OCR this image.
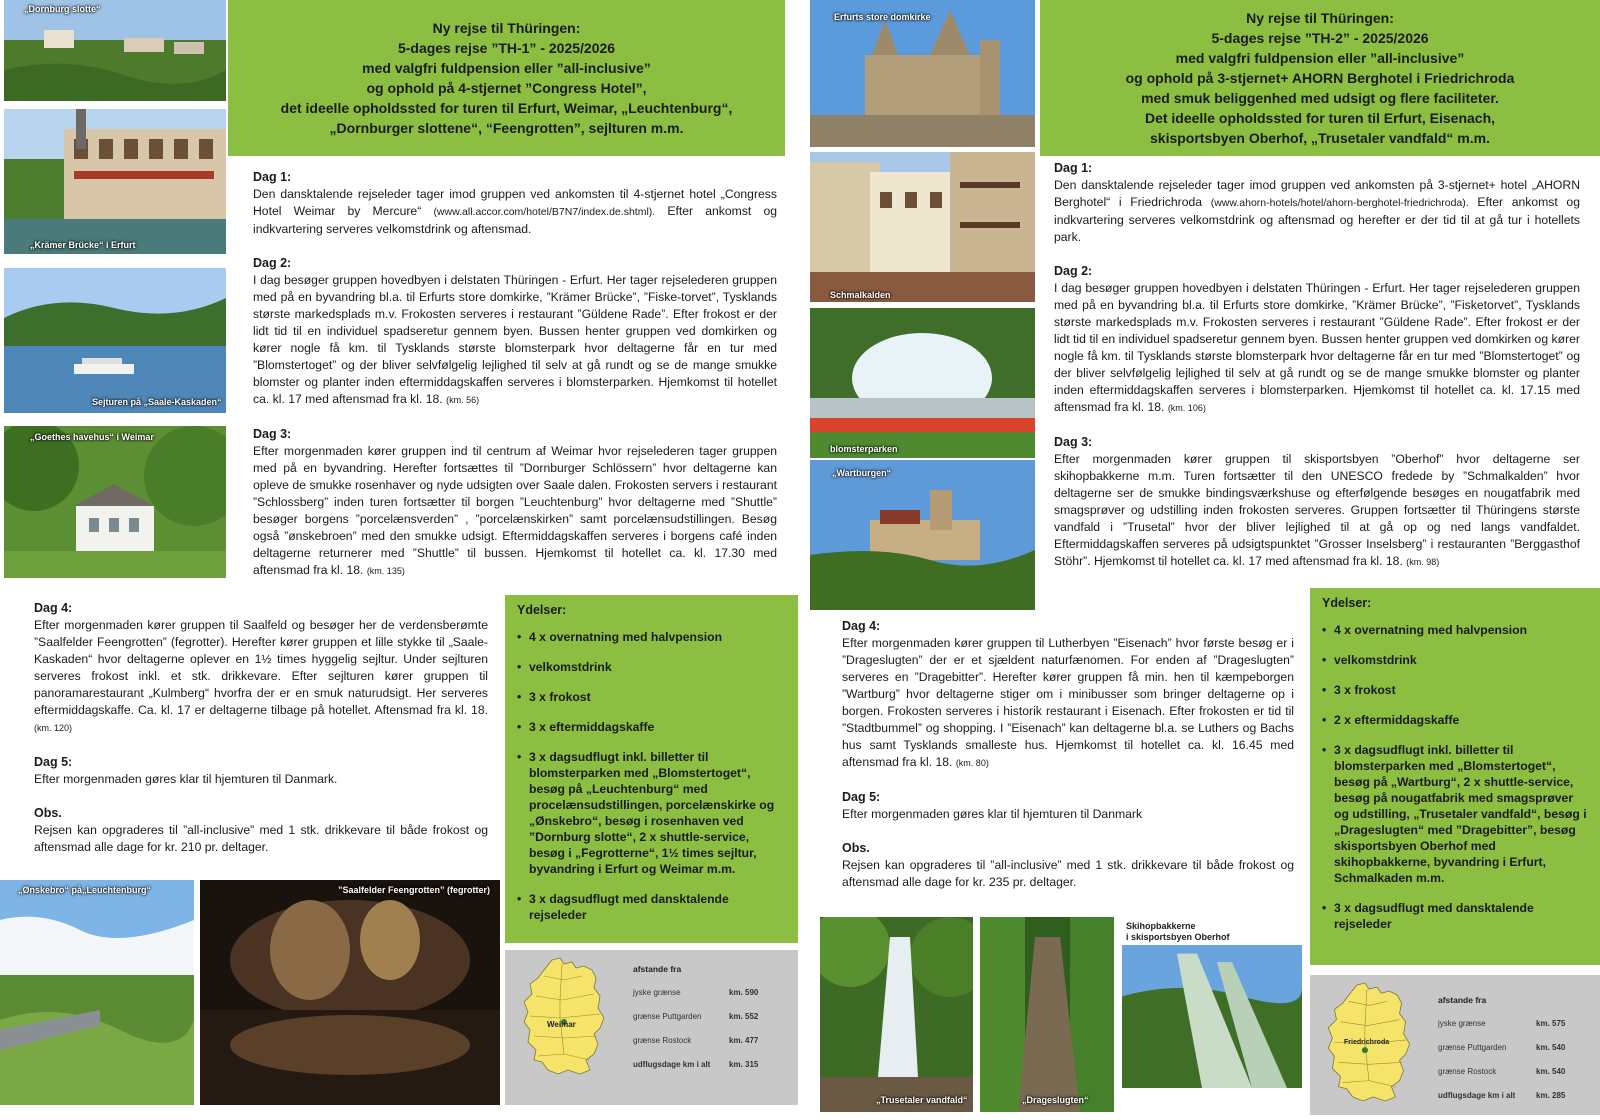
„Dornburg slotte“
„Krämer Brücke“ i Erfurt
Sejturen på „Saale-Kaskaden“
„Goethes havehus“ i Weimar
Ny rejse til Thüringen:
5-dages rejse ”TH-1” - 2025/2026
med valgfri fuldpension eller ”all-inclusive”
og ophold på 4-stjernet ”Congress Hotel”,
det ideelle opholdssted for turen til Erfurt, Weimar, „Leuchtenburg“,
„Dornburger slottene“, “Feengrotten”, sejlturen m.m.
Dag 1:

Den dansktalende rejseleder tager imod gruppen ved ankomsten til 4-stjernet hotel „Congress Hotel Weimar by Mercure“ (www.all.accor.com/hotel/B7N7/index.de.shtml). Efter ankomst og indkvartering serveres velkomstdrink og aftensmad.

Dag 2:

I dag besøger gruppen hovedbyen i delstaten Thüringen - Erfurt. Her tager rejselederen gruppen med på en byvandring bl.a. til Erfurts store domkirke, ”Krämer Brücke”, ”Fiske-torvet”, Tysklands største markedsplads m.v. Frokosten serveres i restaurant ”Güldene Rade”. Efter frokost er der lidt tid til en individuel spadseretur gennem byen. Bussen henter gruppen ved domkirken og kører nogle få km. til Tysklands største blomsterpark hvor deltagerne får en tur med ”Blomstertoget” og der bliver selvfølgelig lejlighed til selv at gå rundt og se de mange smukke blomster og planter inden eftermiddagskaffen serveres i blomsterparken. Hjemkomst til hotellet ca. kl. 17 med aftensmad fra kl. 18. (km. 56)

Dag 3:

Efter morgenmaden kører gruppen ind til centrum af Weimar hvor rejselederen tager gruppen med på en byvandring. Herefter fortsættes til ”Dornburger Schlössern” hvor deltagerne kan opleve de smukke rosenhaver og nyde udsigten over Saale dalen. Frokosten servers i restaurant ”Schlossberg” inden turen fortsætter til borgen ”Leuchtenburg” hvor deltagerne med ”Shuttle” besøger borgens ”porcelænsverden” , ”porcelænskirken” samt porcelænsudstillingen. Besøg også ”ønskebroen” med den smukke udsigt. Eftermiddagskaffen serveres i borgens café inden deltagerne returnerer med ”Shuttle” til bussen. Hjemkomst til hotellet ca. kl. 17.30 med aftensmad fra kl. 18. (km. 135)

Dag 4:

Efter morgenmaden kører gruppen til Saalfeld og besøger her de verdensberømte ”Saalfelder Feengrotten” (fegrotter). Herefter kører gruppen et lille stykke til „Saale-Kaskaden“ hvor deltagerne oplever en 1½ times hyggelig sejltur. Under sejlturen serveres frokost inkl. et stk. drikkevare. Efter sejlturen kører gruppen til panoramarestaurant „Kulmberg“ hvorfra der er en smuk naturudsigt. Her serveres eftermiddagskaffe. Ca. kl. 17 er deltagerne tilbage på hotellet. Aftensmad fra kl. 18. (km. 120)

Dag 5:

Efter morgenmaden gøres klar til hjemturen til Danmark.

Obs.

Rejsen kan opgraderes til ”all-inclusive” med 1 stk. drikkevare til både frokost og aftensmad alle dage for kr. 210 pr. deltager.

Ydelser:
• 4 x overnatning med halvpension
• velkomstdrink
• 3 x frokost
• 3 x eftermiddagskaffe
• 3 x dagsudflugt inkl. billetter til blomsterparken med „Blomstertoget“, besøg på „Leuchtenburg“ med procelænsudstillingen, porcelænskirke og „Ønskebro“, besøg i rosenhaven ved ”Dornburg slotte“, 2 x shuttle-service, besøg i „Fegrotterne“, 1½ times sejltur, byvandring i Erfurt og Weimar m.m.
• 3 x dagsudflugt med dansktalende rejseleder
Weimar
afstande fra
jyske grænse	km. 590
grænse Puttgarden	km. 552
grænse Rostock	km. 477
udflugsdage km i alt km. 315
„Ønskebro“ på„Leuchtenburg“	”Saalfelder Feengrotten” (fegrotter)
Erfurts store domkirke
Schmalkalden
blomsterparken
„Wartburgen“
Ny rejse til Thüringen:
5-dages rejse ”TH-2” - 2025/2026
med valgfri fuldpension eller ”all-inclusive”
og ophold på 3-stjernet+ AHORN Berghotel i Friedrichroda
med smuk beliggenhed med udsigt og flere faciliteter.
Det ideelle opholdssted for turen til Erfurt, Eisenach,
skisportsbyen Oberhof, „Trusetaler vandfald“ m.m.
Dag 1:

Den dansktalende rejseleder tager imod gruppen ved ankomsten på 3-stjernet+ hotel „AHORN Berghotel“ i Friedrichroda (www.ahorn-hotels/hotel/ahorn-berghotel-friedrichroda). Efter ankomst og indkvartering serveres velkomstdrink og aftensmad og herefter er der tid til at gå tur i hotellets park.

Dag 2:

I dag besøger gruppen hovedbyen i delstaten Thüringen - Erfurt. Her tager rejselederen gruppen med på en byvandring bl.a. til Erfurts store domkirke, ”Krämer Brücke”, ”Fisketorvet”, Tysklands største markedsplads m.v. Frokosten serveres i restaurant ”Güldene Rade”. Efter frokost er der lidt tid til en individuel spadseretur gennem byen. Bussen henter gruppen ved domkirken og kører nogle få km. til Tysklands største blomsterpark hvor deltagerne får en tur med ”Blomstertoget” og der bliver selvfølgelig lejlighed til selv at gå rundt og se de mange smukke blomster og planter inden eftermiddagskaffen serveres i blomsterparken. Hjemkomst til hotellet ca. kl. 17.15 med aftensmad fra kl. 18. (km. 106)

Dag 3:

Efter morgenmaden kører gruppen til skisportsbyen ”Oberhof” hvor deltagerne ser skihopbakkerne m.m. Turen fortsætter til den UNESCO fredede by ”Schmalkalden” hvor deltagerne ser de smukke bindingsværkshuse og efterfølgende besøges en nougatfabrik med smagsprøver og udstilling inden frokosten serveres. Gruppen fortsætter til Thüringens største vandfald i ”Trusetal” hvor der bliver lejlighed til at gå op og ned langs vandfaldet. Eftermiddagskaffen serveres på udsigtspunktet ”Grosser Inselsberg” i restauranten ”Berggasthof Stöhr”. Hjemkomst til hotellet ca. kl. 17 med aftensmad fra kl. 18. (km. 98)

Dag 4:

Efter morgenmaden kører gruppen til Lutherbyen ”Eisenach” hvor første besøg er i ”Drageslugten” der er et sjældent naturfænomen. For enden af ”Drageslugten” serveres en ”Dragebitter”. Herefter kører gruppen få min. hen til kæmpeborgen ”Wartburg” hvor deltagerne stiger om i minibusser som bringer deltagerne op i borgen. Frokosten serveres i historik restaurant i Eisenach. Efter frokosten er tid til ”Stadtbummel” og shopping. I ”Eisenach” kan deltagerne bl.a. se Luthers og Bachs hus samt Tysklands smalleste hus. Hjemkomst til hotellet ca. kl. 16.45 med aftensmad fra kl. 18. (km. 80)

Dag 5:

Efter morgenmaden gøres klar til hjemturen til Danmark

Obs.

Rejsen kan opgraderes til ”all-inclusive” med 1 stk. drikkevare til både frokost og aftensmad alle dage for kr. 235 pr. deltager.

Ydelser:
• 4 x overnatning med halvpension
• velkomstdrink
• 3 x frokost
• 2 x eftermiddagskaffe
• 3 x dagsudflugt inkl. billetter til blomsterparken med „Blomstertoget“, besøg på „Wartburg“, 2 x shuttle-service, besøg på nougatfabrik med smagsprøver og udstilling, „Trusetaler vandfald“, besøg i „Drageslugten“ med ”Dragebitter”, besøg skisportsbyen Oberhof med skihopbakkerne, byvandring i Erfurt, Schmalkaden m.m.
• 3 x dagsudflugt med dansktalende rejseleder
Friedrichroda
afstande fra
jyske grænse	km. 575
grænse Puttgarden	km. 540
grænse Rostock	km. 540
udflugsdage km i alt	km. 285
„Trusetaler vandfald“	„Drageslugten“
Skihopbakkerne
i skisportsbyen Oberhof
